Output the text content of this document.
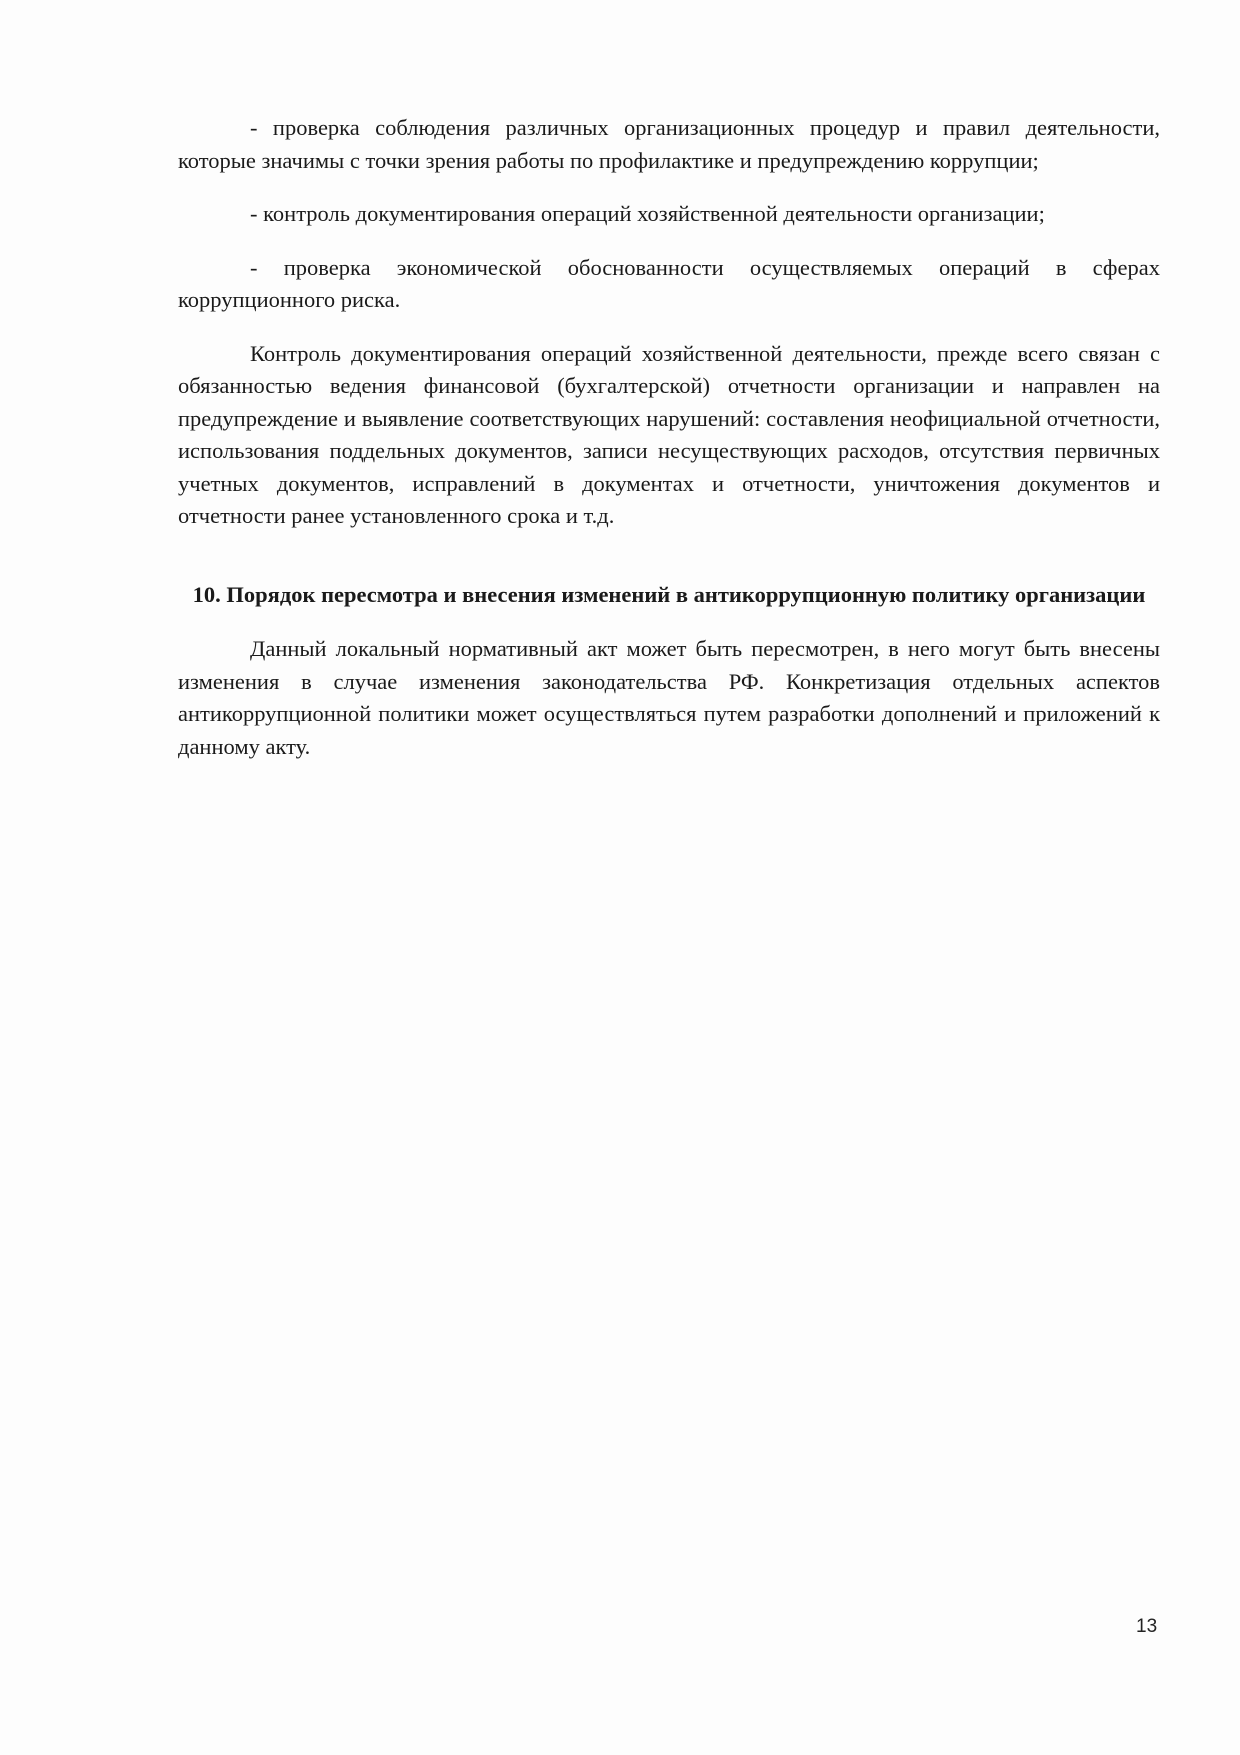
- проверка соблюдения различных организационных процедур и правил деятельности, которые значимы с точки зрения работы по профилактике и предупреждению коррупции;

- контроль документирования операций хозяйственной деятельности организации;

- проверка экономической обоснованности осуществляемых операций в сферах коррупционного риска.

Контроль документирования операций хозяйственной деятельности, прежде всего связан с обязанностью ведения финансовой (бухгалтерской) отчетности организации и направлен на предупреждение и выявление соответствующих нарушений: составления неофициальной отчетности, использования поддельных документов, записи несуществующих расходов, отсутствия первичных учетных документов, исправлений в документах и отчетности, уничтожения документов и отчетности ранее установленного срока и т.д.

10. Порядок пересмотра и внесения изменений в антикоррупционную политику организации

Данный локальный нормативный акт может быть пересмотрен, в него могут быть внесены изменения в случае изменения законодательства РФ. Конкретизация отдельных аспектов антикоррупционной политики может осуществляться путем разработки дополнений и приложений к данному акту.

13
